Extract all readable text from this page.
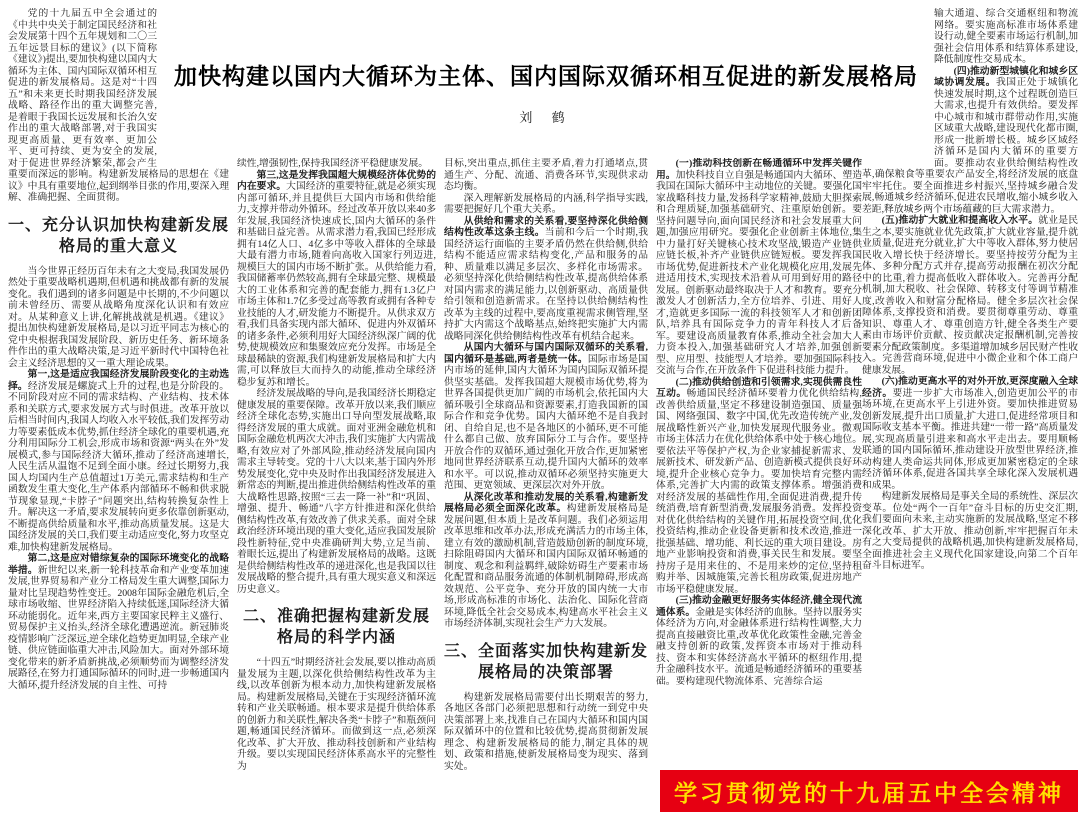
党的十九届五中全会通过的《中共中央关于制定国民经济和社会发展第十四个五年规划和二〇三五年远景目标的建议》(以下简称《建议》)提出,要加快构建以国内大循环为主体、国内国际双循环相互促进的新发展格局。这是对“十四五”和未来更长时期我国经济发展战略、路径作出的重大调整完善,是着眼于我国长远发展和长治久安作出的重大战略部署,对于我国实现更高质量、更有效率、更加公平、更可持续、更为安全的发展,对于促进世界经济繁荣,都会产生重要而深远的影响。构建新发展格局的思想在《建议》中具有重要地位,起到纲举目张的作用,要深入理解、准确把握、全面贯彻。

一、充分认识加快构建新发展格局的重大意义

当今世界正经历百年未有之大变局,我国发展仍然处于重要战略机遇期,但机遇和挑战都有新的发展变化。我们遇到的诸多问题是中长期的,不少问题以前未曾经历、需要从战略角度深化认识和有效应对。从某种意义上讲,化解挑战就是机遇。《建议》提出加快构建新发展格局,是以习近平同志为核心的党中央根据我国发展阶段、新历史任务、新环境条件作出的重大战略决策,是习近平新时代中国特色社会主义经济思想的又一重大理论成果。

第一,这是适应我国经济发展阶段变化的主动选择。经济发展是螺旋式上升的过程,也是分阶段的。不同阶段对应不同的需求结构、产业结构、技术体系和关联方式,要求发展方式与时俱进。改革开放以后相当时间内,我国人均收入水平较低,我们发挥劳动力等要素低成本优势,抓住经济全球化的重要机遇,充分利用国际分工机会,形成市场和资源“两头在外”发展模式,参与国际经济大循环,推动了经济高速增长,人民生活从温饱不足到全面小康。经过长期努力,我国人均国内生产总值超过1万美元,需求结构和生产函数发生重大变化,生产体系内部循环不畅和供求脱节现象显现,“卡脖子”问题突出,结构转换复杂性上升。解决这一矛盾,要求发展转向更多依靠创新驱动,不断提高供给质量和水平,推动高质量发展。这是大国经济发展的关口,我们要主动适应变化,努力攻坚克难,加快构建新发展格局。

第二,这是应对错综复杂的国际环境变化的战略举措。新世纪以来,新一轮科技革命和产业变革加速发展,世界贸易和产业分工格局发生重大调整,国际力量对比呈现趋势性变迁。2008年国际金融危机后,全球市场收缩、世界经济陷入持续低迷,国际经济大循环动能弱化。近年来,西方主要国家民粹主义盛行、贸易保护主义抬头,经济全球化遭遇逆流。新冠肺炎疫情影响广泛深远,逆全球化趋势更加明显,全球产业链、供应链面临重大冲击,风险加大。面对外部环境变化带来的新矛盾新挑战,必须顺势而为调整经济发展路径,在努力打通国际循环的同时,进一步畅通国内大循环,提升经济发展的自主性、可持

加快构建以国内大循环为主体、国内国际双循环相互促进的新发展格局
刘 鹤

续性,增强韧性,保持我国经济平稳健康发展。

第三,这是发挥我国超大规模经济体优势的内在要求。大国经济的重要特征,就是必须实现内部可循环,并且提供巨大国内市场和供给能力,支撑并带动外循环。经过改革开放以来40多年发展,我国经济快速成长,国内大循环的条件和基础日益完善。从需求潜力看,我国已经形成拥有14亿人口、4亿多中等收入群体的全球最大最有潜力市场,随着向高收入国家行列迈进,规模巨大的国内市场不断扩张。从供给能力看,我国储蓄率仍然较高,拥有全球最完整、规模最大的工业体系和完善的配套能力,拥有1.3亿户市场主体和1.7亿多受过高等教育或拥有各种专业技能的人才,研发能力不断提升。从供求双方看,我们具备实现内部大循环、促进内外双循环的诸多条件,必须利用好大国经济纵深广阔的优势,使规模效应和集聚效应充分发挥。市场是全球最稀缺的资源,我们构建新发展格局和扩大内需,可以释放巨大而持久的动能,推动全球经济稳步复苏和增长。

经济发展战略的导向,是我国经济长期稳定健康发展的重要保障。改革开放以来,我们顺应经济全球化态势,实施出口导向型发展战略,取得经济发展的重大成就。面对亚洲金融危机和国际金融危机两次大冲击,我们实施扩大内需战略,有效应对了外部风险,推动经济发展向国内需求主导转变。党的十八大以来,基于国内外形势发展变化,党中央及时作出我国经济发展进入新常态的判断,提出推进供给侧结构性改革的重大战略性思路,按照“三去一降一补”和“巩固、增强、提升、畅通”八字方针推进和深化供给侧结构性改革,有效改善了供求关系。面对全球政治经济环境出现的重大变化,适应我国发展阶段性新特征,党中央准确研判大势,立足当前、着眼长远,提出了构建新发展格局的战略。这既是供给侧结构性改革的递进深化,也是我国以往发展战略的整合提升,具有重大现实意义和深远历史意义。

二、准确把握构建新发展格局的科学内涵

“十四五”时期经济社会发展,要以推动高质量发展为主题,以深化供给侧结构性改革为主线,以改革创新为根本动力,加快构建新发展格局。构建新发展格局,关键在于实现经济循环流转和产业关联畅通。根本要求是提升供给体系的创新力和关联性,解决各类“卡脖子”和瓶颈问题,畅通国民经济循环。而做到这一点,必须深化改革、扩大开放、推动科技创新和产业结构升级。要以实现国民经济体系高水平的完整性为

目标,突出重点,抓住主要矛盾,着力打通堵点,贯通生产、分配、流通、消费各环节,实现供求动态均衡。

深入理解新发展格局的内涵,科学指导实践,需要把握好几个重大关系。

从供给和需求的关系看,要坚持深化供给侧结构性改革这条主线。当前和今后一个时期,我国经济运行面临的主要矛盾仍然在供给侧,供给结构不能适应需求结构变化,产品和服务的品种、质量难以满足多层次、多样化市场需求。必须坚持深化供给侧结构性改革,提高供给体系对国内需求的满足能力,以创新驱动、高质量供给引领和创造新需求。在坚持以供给侧结构性改革为主线的过程中,要高度重视需求侧管理,坚持扩大内需这个战略基点,始终把实施扩大内需战略同深化供给侧结构性改革有机结合起来。

从国内大循环与国内国际双循环的关系看,国内循环是基础,两者是统一体。国际市场是国内市场的延伸,国内大循环为国内国际双循环提供坚实基础。发挥我国超大规模市场优势,将为世界各国提供更加广阔的市场机会,依托国内大循环吸引全球商品和资源要素,打造我国新的国际合作和竞争优势。国内大循环绝不是自我封闭、自给自足,也不是各地区的小循环,更不可能什么都自己做、放弃国际分工与合作。要坚持开放合作的双循环,通过强化开放合作,更加紧密地同世界经济联系互动,提升国内大循环的效率和水平。可以说,推动双循环必须坚持实施更大范围、更宽领域、更深层次对外开放。

从深化改革和推动发展的关系看,构建新发展格局必须全面深化改革。构建新发展格局是发展问题,但本质上是改革问题。我们必须运用改革思维和改革办法,形成充满活力的市场主体,建立有效的激励机制,营造鼓励创新的制度环境,扫除阻碍国内大循环和国内国际双循环畅通的制度、观念和利益羁绊,破除妨碍生产要素市场化配置和商品服务流通的体制机制障碍,形成高效规范、公平竞争、充分开放的国内统一大市场,形成高标准的市场化、法治化、国际化营商环境,降低全社会交易成本,构建高水平社会主义市场经济体制,实现社会生产力大发展。

三、全面落实加快构建新发展格局的决策部署

构建新发展格局需要付出长期艰苦的努力,各地区各部门必须把思想和行动统一到党中央决策部署上来,找准自己在国内大循环和国内国际双循环中的位置和比较优势,提高贯彻新发展理念、构建新发展格局的能力,制定具体的规划、政策和措施,使新发展格局变为现实、落到实处。

(一)推动科技创新在畅通循环中发挥关键作用。加快科技自立自强是畅通国内大循环、塑造我国在国际大循环中主动地位的关键。要强化国家战略科技力量,发扬科学家精神,鼓励大胆探索和合理质疑,加强基础研究、注重原始创新。要坚持问题导向,面向国民经济和社会发展重大问题,加强应用研究。要强化企业创新主体地位,集中力量打好关键核心技术攻坚战,锻造产业链供应链长板,补齐产业链供应链短板。要发挥我国市场优势,促进新技术产业化规模化应用,发展先进适用技术,实现技术沿着从可用到好用的路径发展。创新驱动最终取决于人才和教育。要充分激发人才创新活力,全方位培养、引进、用好人才,造就更多国际一流的科技领军人才和创新团队,培养具有国际竞争力的青年科技人才后备军。要建设高质量教育体系,推动全社会加大人力资本投入,加强基础研究人才培养,加强创新型、应用型、技能型人才培养。要加强国际科技交流与合作,在开放条件下促进科技能力提升。

(二)推动供给创造和引领需求,实现供需良性互动。畅通国民经济循环要着力优化供给结构,改善供给质量,坚定不移建设制造强国、质量强国、网络强国、数字中国,优先改造传统产业,发展战略性新兴产业,加快发展现代服务业。微观市场主体活力在优化供给体系中处于核心地位。要依法平等保护产权,为企业家捕捉新需求、发展新技术、研发新产品、创造新模式提供良好环境,提升企业核心竞争力。要加快培育完整内需体系,完善扩大内需的政策支撑体系。增强消费对经济发展的基础性作用,全面促进消费,提升传统消费,培育新型消费,发展服务消费。发挥投资对优化供给结构的关键作用,拓展投资空间,优化投资结构,推动企业设备更新和技术改造,推进一批强基础、增功能、利长远的重大项目建设。房地产业影响投资和消费,事关民生和发展。要坚持房子是用来住的、不是用来炒的定位,坚持租购并举、因城施策,完善长租房政策,促进房地产市场平稳健康发展。

(三)推动金融更好服务实体经济,健全现代流通体系。金融是实体经济的血脉。坚持以服务实体经济为方向,对金融体系进行结构性调整,大力提高直接融资比重,改革优化政策性金融,完善金融支持创新的政策,发挥资本市场对于推动科技、资本和实体经济高水平循环的枢纽作用,提升金融科技水平。流通是畅通经济循环的重要基础。要构建现代物流体系、完善综合运

输大通道、综合交通枢纽和物流网络。要实施高标准市场体系建设行动,健全要素市场运行机制,加强社会信用体系和结算体系建设,降低制度性交易成本。

(四)推动新型城镇化和城乡区域协调发展。我国正处于城镇化快速发展时期,这个过程既创造巨大需求,也提升有效供给。要发挥中心城市和城市群带动作用,实施区域重大战略,建设现代化都市圈,形成一批新增长极。城乡区域经济循环是国内大循环的重要方面。要推动农业供给侧结构性改革,确保粮食等重要农产品安全,将经济发展的底盘牢牢托住。要全面推进乡村振兴,坚持城乡融合发展,畅通城乡经济循环,促进农民增收,缩小城乡收入差距,释放城乡两个市场蕴藏的巨大需求潜力。

(五)推动扩大就业和提高收入水平。就业是民生之本,要实施就业优先政策,扩大就业容量,提升就业质量,促进充分就业,扩大中等收入群体,努力使居民收入增长快于经济增长。要坚持按劳分配为主体、多种分配方式并存,提高劳动报酬在初次分配中的比重,着力提高低收入群体收入。完善再分配机制,加大税收、社会保障、转移支付等调节精准度,改善收入和财富分配格局。健全多层次社会保障体系,支撑投资和消费。要贯彻尊重劳动、尊重知识、尊重人才、尊重创造方针,健全各类生产要素由市场评价贡献、按贡献决定报酬机制,完善按要素分配政策制度。多渠道增加城乡居民财产性收入。完善营商环境,促进中小微企业和个体工商户健康发展。

(六)推动更高水平的对外开放,更深度融入全球经济。要进一步扩大市场准入,创造更加公平的市场环境,在更高水平上引进外资。要加快推进贸易创新发展,提升出口质量,扩大进口,促进经常项目和国际收支基本平衡。推进共建“一带一路”高质量发展,实现高质量引进来和高水平走出去。要用顺畅联通的国内国际循环,推动建设开放型世界经济,推动构建人类命运共同体,形成更加紧密稳定的全球经济循环体系,促进各国共享全球化深入发展机遇和成果。

构建新发展格局是事关全局的系统性、深层次变革。位处“两个一百年”奋斗目标的历史交汇期,我们要面向未来,主动实施新的发展战略,坚定不移深化改革、扩大开放、推动创新,牢牢把握百年未有之大变局提供的战略机遇,加快构建新发展格局,全面推进社会主义现代化国家建设,向第二个百年奋斗目标进军。

学习贯彻党的十九届五中全会精神
